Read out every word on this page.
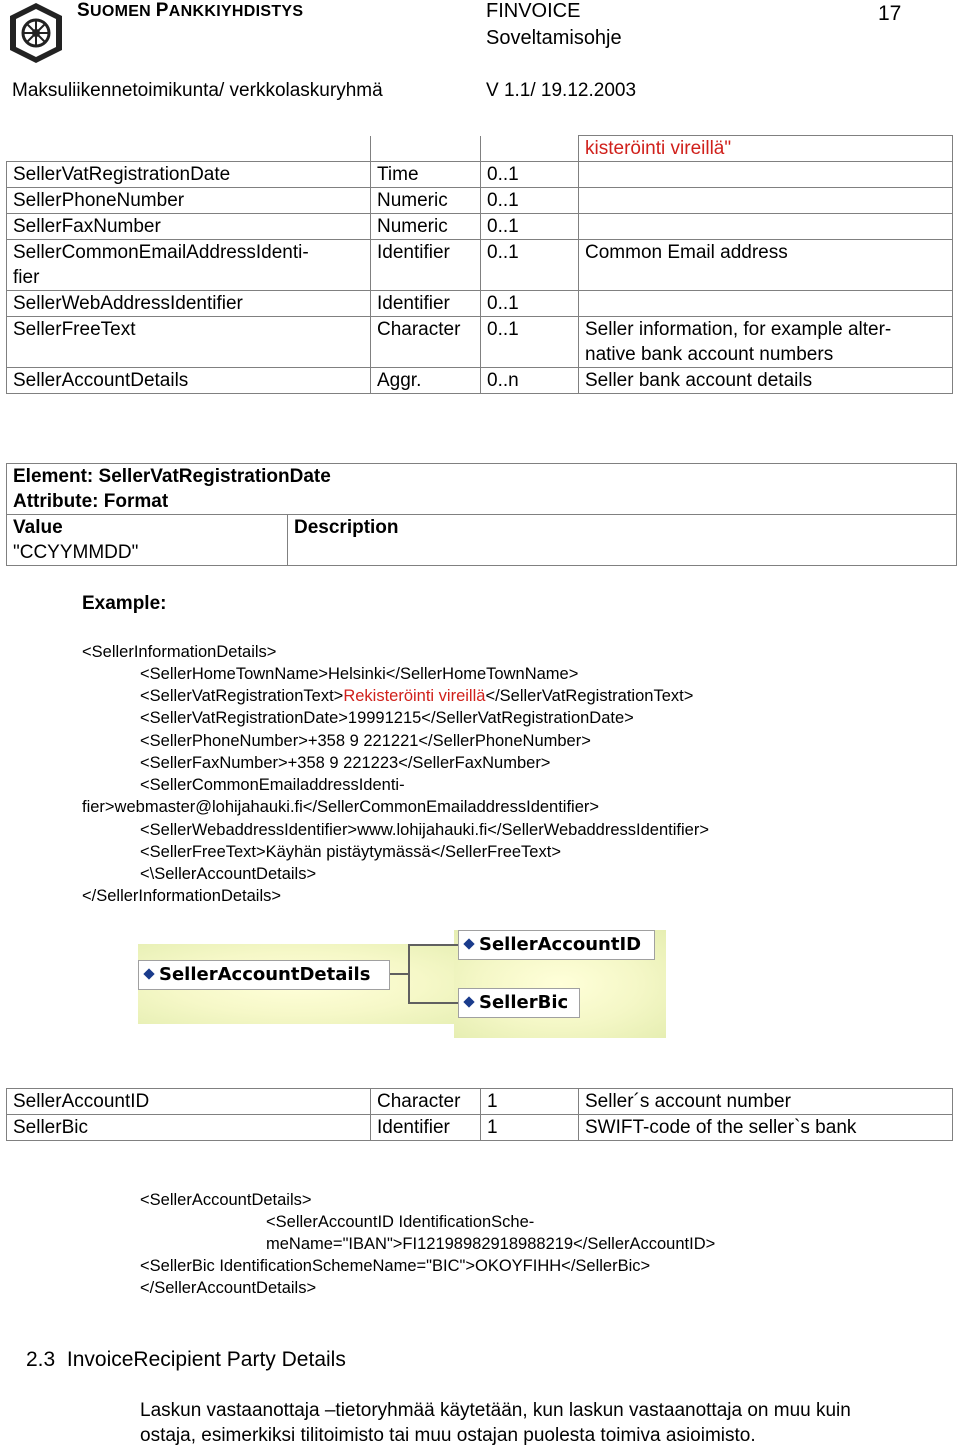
SUOMEN PANKKIYHDISTYS	FINVOICE
Soveltamisohje
17
Maksuliikennetoimikunta/ verkkolaskuryhmä	V 1.1/ 19.12.2003
			kisteröinti vireillä"
SellerVatRegistrationDate	Time	0..1	
SellerPhoneNumber	Numeric	0..1	
SellerFaxNumber	Numeric	0..1	
SellerCommonEmailAddressIdenti-
fier	Identifier	0..1	Common Email address
SellerWebAddressIdentifier	Identifier	0..1	
SellerFreeText	Character	0..1	Seller information, for example alter-
native bank account numbers
SellerAccountDetails	Aggr.	0..n	Seller bank account details
Element: SellerVatRegistrationDate	
Attribute: Format	
Value	Description
"CCYYMMDD"	
Example:
<SellerInformationDetails>
<SellerHomeTownName>Helsinki</SellerHomeTownName>
<SellerVatRegistrationText>Rekisteröinti vireillä</SellerVatRegistrationText>
<SellerVatRegistrationDate>19991215</SellerVatRegistrationDate>
<SellerPhoneNumber>+358 9 221221</SellerPhoneNumber>
<SellerFaxNumber>+358 9 221223</SellerFaxNumber>
<SellerCommonEmailaddressIdenti-
fier>webmaster@lohijahauki.fi</SellerCommonEmailaddressIdentifier>
<SellerWebaddressIdentifier>www.lohijahauki.fi</SellerWebaddressIdentifier>
<SellerFreeText>Käyhän pistäytymässä</SellerFreeText>
<\SellerAccountDetails>
</SellerInformationDetails>
SellerAccountDetails
SellerAccountID
SellerBic
SellerAccountID	Character	1	Seller´s account number
SellerBic	Identifier	1	SWIFT-code of the seller`s bank
<SellerAccountDetails>
<SellerAccountID IdentificationSche-
meName="IBAN">FI12198982918988219</SellerAccountID>
<SellerBic IdentificationSchemeName="BIC">OKOYFIHH</SellerBic>
</SellerAccountDetails>
2.3 InvoiceRecipient Party Details
Laskun vastaanottaja –tietoryhmää käytetään, kun laskun vastaanottaja on muu kuin
ostaja, esimerkiksi tilitoimisto tai muu ostajan puolesta toimiva asioimisto.
